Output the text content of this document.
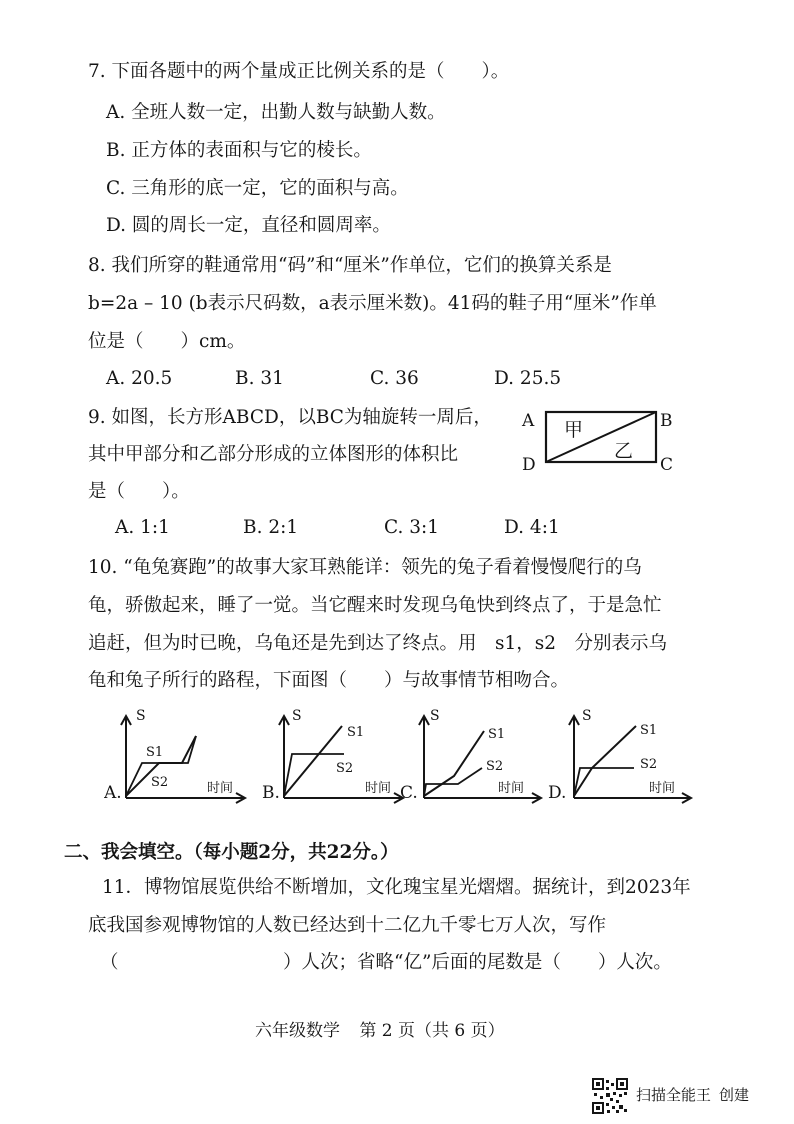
7. 下面各题中的两个量成正比例关系的是（　　）。
A. 全班人数一定，出勤人数与缺勤人数。
B. 正方体的表面积与它的棱长。
C. 三角形的底一定，它的面积与高。
D. 圆的周长一定，直径和圆周率。
8. 我们所穿的鞋通常用“码”和“厘米”作单位，它们的换算关系是
b=2a – 10 (b表示尺码数，a表示厘米数)。41码的鞋子用“厘米”作单
位是（　　）cm。
A. 20.5	B. 31	C. 36	D. 25.5
9. 如图，长方形ABCD，以BC为轴旋转一周后，
其中甲部分和乙部分形成的立体图形的体积比
是（　　）。
A	B
C
D
甲
乙
A. 1:1	B. 2:1	C. 3:1	D. 4:1
10. “龟兔赛跑”的故事大家耳熟能详：领先的兔子看着慢慢爬行的乌
龟，骄傲起来，睡了一觉。当它醒来时发现乌龟快到终点了，于是急忙
追赶，但为时已晚，乌龟还是先到达了终点。用　s1，s2　分别表示乌
龟和兔子所行的路程，下面图（　　）与故事情节相吻合。
S
时间
A.
S1
S2
S
时间
B.
S1
S2
S
时间
C.
S1
S2
S
时间
D.
S1
S2
二、我会填空。（每小题2分，共22分。）
11．博物馆展览供给不断增加，文化瑰宝星光熠熠。据统计，到2023年
底我国参观博物馆的人数已经达到十二亿九千零七万人次，写作
（	）人次；省略“亿”后面的尾数是（　　）人次。
六年级数学 第 2 页（共 6 页）
扫描全能王 创建
